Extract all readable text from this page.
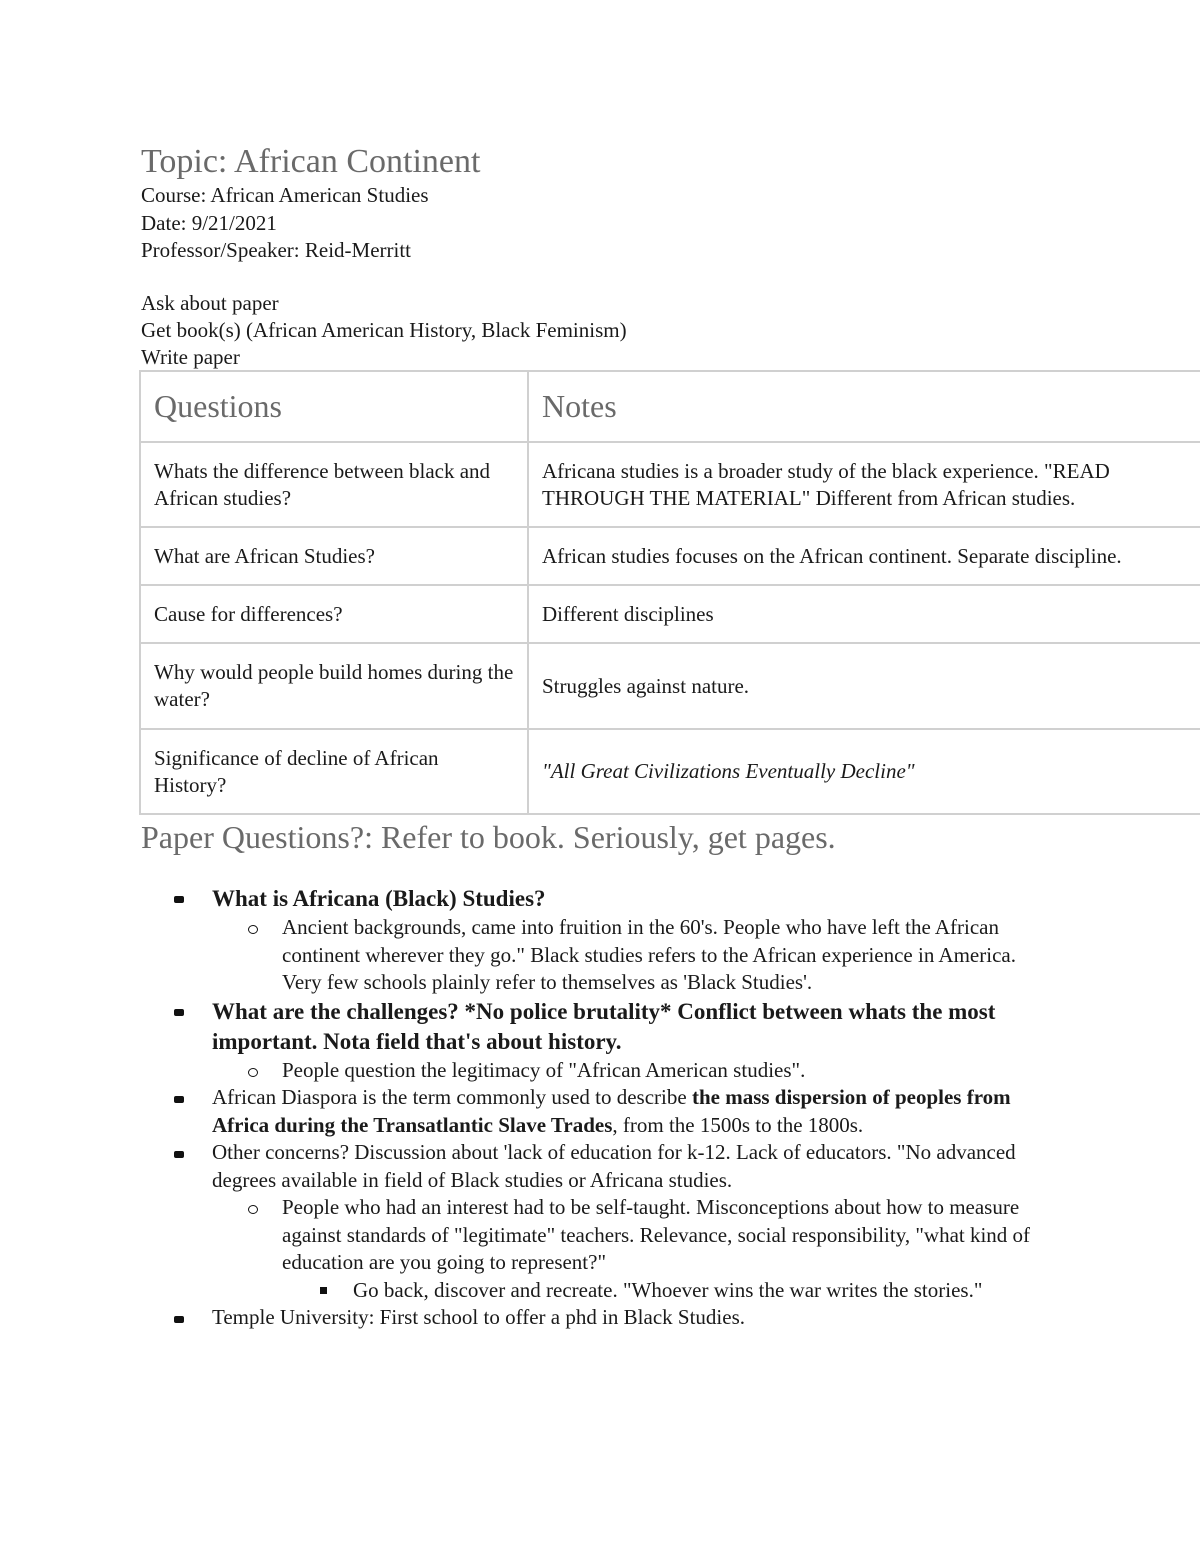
Topic: African Continent
Course: African American Studies
Date: 9/21/2021
Professor/Speaker: Reid-Merritt
Ask about paper
Get book(s) (African American History, Black Feminism)
Write paper
Questions	Notes
Whats the difference between black and African studies?	Africana studies is a broader study of the black experience. "READ THROUGH THE MATERIAL" Different from African studies.
What are African Studies?	African studies focuses on the African continent. Separate discipline.
Cause for differences?	Different disciplines
Why would people build homes during the water?	Struggles against nature.
Significance of decline of African History?	"All Great Civilizations Eventually Decline"
Paper Questions?: Refer to book. Seriously, get pages.
What is Africana (Black) Studies?
Ancient backgrounds, came into fruition in the 60's. People who have left the African continent wherever they go." Black studies refers to the African experience in America. Very few schools plainly refer to themselves as 'Black Studies'.
What are the challenges? *No police brutality* Conflict between whats the most important. Nota field that's about history.
People question the legitimacy of "African American studies".
African Diaspora is the term commonly used to describe the mass dispersion of peoples from Africa during the Transatlantic Slave Trades, from the 1500s to the 1800s.
Other concerns? Discussion about 'lack of education for k-12. Lack of educators. "No advanced degrees available in field of Black studies or Africana studies.
People who had an interest had to be self-taught. Misconceptions about how to measure against standards of "legitimate" teachers. Relevance, social responsibility, "what kind of education are you going to represent?"
Go back, discover and recreate. "Whoever wins the war writes the stories."
Temple University: First school to offer a phd in Black Studies.
